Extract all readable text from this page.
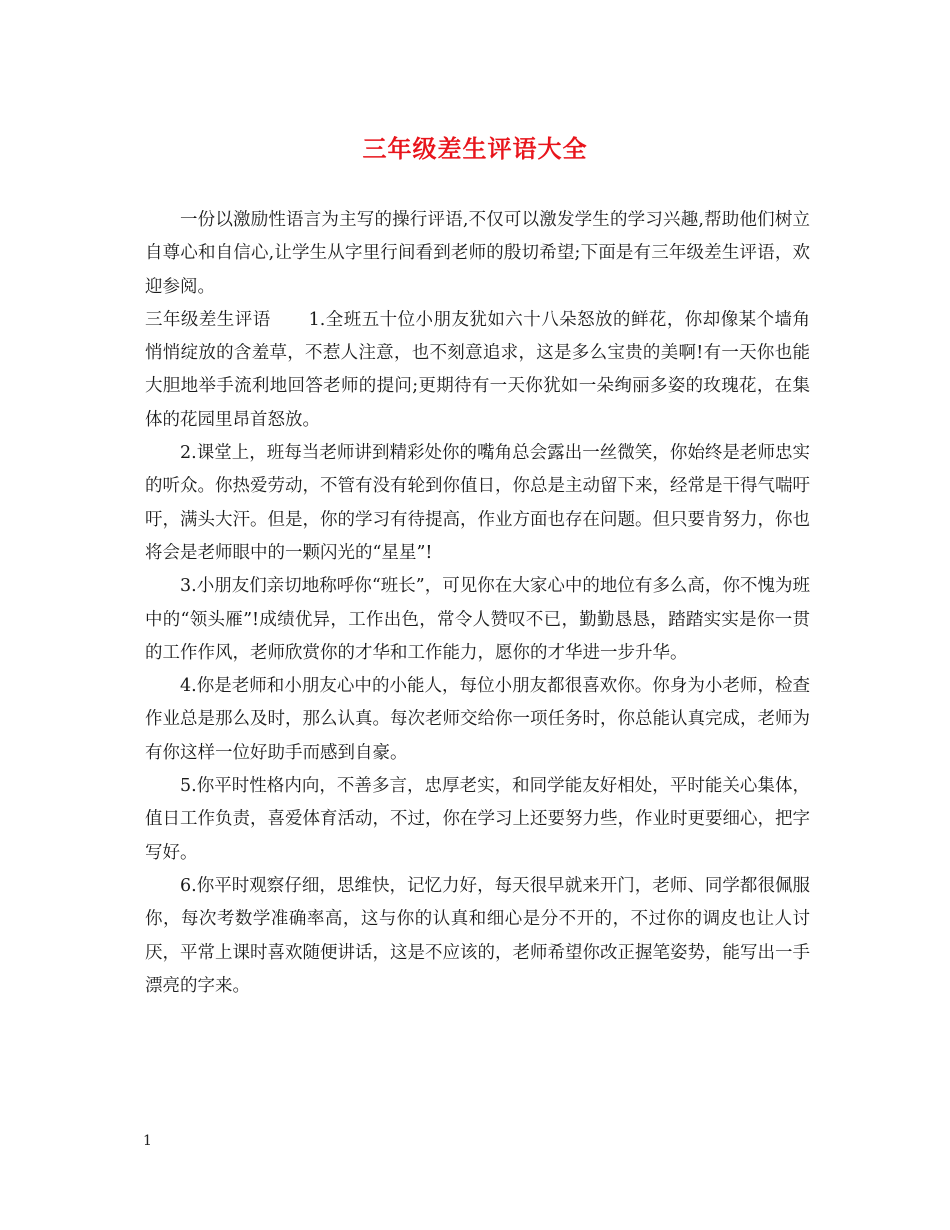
三年级差生评语大全

一份以激励性语言为主写的操行评语,不仅可以激发学生的学习兴趣,帮助他们树立自尊心和自信心,让学生从字里行间看到老师的殷切希望;下面是有三年级差生评语，欢迎参阅。

三年级差生评语 1.全班五十位小朋友犹如六十八朵怒放的鲜花，你却像某个墙角悄悄绽放的含羞草，不惹人注意，也不刻意追求，这是多么宝贵的美啊!有一天你也能大胆地举手流利地回答老师的提问;更期待有一天你犹如一朵绚丽多姿的玫瑰花，在集体的花园里昂首怒放。

2.课堂上，班每当老师讲到精彩处你的嘴角总会露出一丝微笑，你始终是老师忠实的听众。你热爱劳动，不管有没有轮到你值日，你总是主动留下来，经常是干得气喘吁吁，满头大汗。但是，你的学习有待提高，作业方面也存在问题。但只要肯努力，你也将会是老师眼中的一颗闪光的“星星”!

3.小朋友们亲切地称呼你“班长”，可见你在大家心中的地位有多么高，你不愧为班中的“领头雁”!成绩优异，工作出色，常令人赞叹不已，勤勤恳恳，踏踏实实是你一贯的工作作风，老师欣赏你的才华和工作能力，愿你的才华进一步升华。

4.你是老师和小朋友心中的小能人，每位小朋友都很喜欢你。你身为小老师，检查作业总是那么及时，那么认真。每次老师交给你一项任务时，你总能认真完成，老师为有你这样一位好助手而感到自豪。

5.你平时性格内向，不善多言，忠厚老实，和同学能友好相处，平时能关心集体，值日工作负责，喜爱体育活动，不过，你在学习上还要努力些，作业时更要细心，把字写好。

6.你平时观察仔细，思维快，记忆力好，每天很早就来开门，老师、同学都很佩服你，每次考数学准确率高，这与你的认真和细心是分不开的，不过你的调皮也让人讨厌，平常上课时喜欢随便讲话，这是不应该的，老师希望你改正握笔姿势，能写出一手漂亮的字来。

1
